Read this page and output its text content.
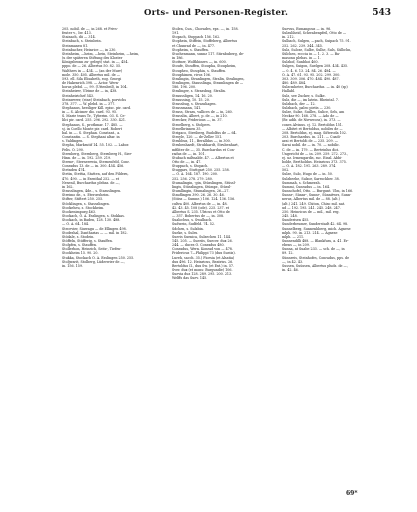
Orts- und Personen-Register.	543

205. nobil. de —, in 268. et Frivs-

feuter v., 5w. 413.

Stainach, dü — 314.

Steinbach, s. Steinbein.

Steinmaneu 81.

Steinbacher, Heinrice —, in 230.

Steinheim, —heim, —hein, Steinheim, —heim,

(u der späteren Stiftung des Kloster

Königsbronn zu- gelegt) stat. in —, 454.

pppo. de — 26. Albertus 50. 82. 55.

Walthers in — 434. — (an der Murr)

mole. 350. 405. Albertus mil. de —

593. ell. Sila Elisabeth, eog. Georgi

de Hakenrich 398. — Actor. Wern-

horus plebd. —, 99. (Uttenbeil), in 104.

Steinheirer, Ulrime de — in, 438.

Steinheirichef 543.

Steinwerer, (eine) Steinbach, porvichs

378. 377. — W. plebd. in — 377.

Stephanus, heeiliger Kill. episc. pir. card.

in — S. Alcimer dio. card. 93. 95.

S. Marie trans Tr., Tyberim. 03. S. Ce-

lilci pir. card. 255. 296. 292. 330. 421.

Stephanus, S., prothmar. 17. 485. —

sj. in Coello Monte pir. card. Robert

bal. in —. S. Stephan. Constant., a.

Constantin. — S. Stephani altar. in

s. Valdingen.

Stepha, Marksutif 14. 55. 102. — Labor.

Felis. O. 290.

Sternberg, Sternberg, Sternberg H., Sier-

Hinn. de — in. 192. 259. 219.

Sterne-, Sterneerwia, Sternenfeld, Conr.

Conradus 13. de — in. 300. 454. 456.

Stetnden 474.

Stetin, Stettia, Statten, auf den Fildern,

470. 490. — in Esenthal 252. — et

Nesenil, Burchardus plebas. de —,

in 162.

Strasslingen, 4de.., s. Stassslingen.

Streimo de., s. Eteroesheim.

Stifter, Stiftert 250. 255.

Stöcklingen, s. Stassslingen.

Stockeheu, s. Stockheim.

Stockenimpurg 463.

Stockach, O. A. Esslingen, s. Stokkas.

Stockach, in Baden, 128. 130. 488.

— O. A. 64. 184.

Stecevier, Siuwagu — de Ellingen 498.

Stodeshal, Dantharias — — mil. in 182.

Stödale, s. Stodein.

Stöffeln, Stüfferig, s. Stauffen.

Stolpfen, s. Stauffen.

Stollerhon, Heinrich, Seitz-, Tiefen-

Stockheim 15. 90. 20.

Stukka, Stockach O. A. Esslingen 250. 255.

Stoljwarit, Stolberg, Lüderwier de —,

in. 156. 159.

Stolen, Cun., Chorades, eps. —, in. 158.

191.

Stopach, Stoppach 156. 162.

Stophein, Stiffein, Stoffeberg, Albertus

et Chunrad de —, in. 477.

Stopheim, s. Stauffen.

Stuchenmann, sunnz 117. Stirnbuberg, de-

in 186.

Stottner, Wolfhhiners —, in. 600.

Stoufe, Stouffen, Stoupha, Stoupheim,

Stoupheo, Stouphin, s. Stauffen.

Stouphimen, rivos 106.

Stralingin, Stranlingen, Stralin, Stralingen,

Stralingen, Stausslinga, Stramlingen de —

186. 196. 200.

Stralinger, s. Strassbug, Stralin.

Straussligen, 14. 16. 20.

Straussing, 10. 15. 20.

Strassbug, s. Strassliagen.

Strassmann, 141.

Strass, Strass, vallices de — in, 260.

Strasslin, Albert, p. de —, in 210.

Strecker, Friderious —, in. 37.

Stroelberg, s. Stolpers.

Stroelbrinnen 35.

Strigaco, Streiberg, Budolfus de — 64.

Stroyle, 120. — de-Zeller 151.

Strubbus, 11., Beralldus —, in 300.

Strubenhardt, Strubhardt, Strubenhart,

mfiliter de —, 35. Burchardus et Con-

radus de —, in. 101.

Stubach miltnalde. 47. — Albertus et

Otto de —, in. 47.

Stuppach, s. Stopach.

Stuggars, Stuttgart 250. 255. 258.

— O. A. 164. 187. 190. 200.

252. 256. 278. 279. 280.

Stumalingin, -gin, Stüsslingen, Stüssl-

lingis, Stüsslingen, Stümpr., Stüssl-

Stumllingin, Stumalingen, 26—27.

Stauflingen 390. 26. 26. 30. 46.

(Stüss — Sumne.) 106. 124. 136. 156.

cultra 400. Albertus de —, in. 48.

42. 43. 45. 108 (ode). 225. 237. et

Albertus S. 235. Ulricus et Otto de

— 357. Bobertus de —, in. 308.

Sualocbus, s. Swalbach.

Sudwein, Sudfeld. 74. 52.

Sdchen, s. Sulzbin.

Sueke, s. Sules.

Sueris Suenica, Sulzechen 11. 144.

145. 205. — Sueriis, Suecer. dux 26.

244. — duces O. Conradus 480.

Conradus, Wern. Konrad von — 478.

Fridericus 7—Philippi 73 (dux Sueiis).

Lureh, sacch. 35.) Fiorsia (et Alsatia)

dux 496. 12. Heinricus, Beatriss. 26.

Bertoldus II., dux Sw. (et Ext.) in. 57.

Sver. dux (et mons: Burgundie) 106.

Suevia duz 128. 289. 295. 200. 213.

Welffs das Suev. 145.

Suevus, Esmangous — in. 96.

Sulzuliheid, Schwabenpfeil, Otto de —

in. 212.

Sulbach, Sulgen, —pach, Suipach 75. 91.

252. 262. 239. 344. 345.

Sulz, Sulcze, Sulbe, Sulhe, Suls, Sülbchn,

Sülchen, ecccia in — 1. 2. 3. — Ba-

masonu plebas. in — 1.

Sulzhof, Sunbhoi 460.

Sulgen, Suigon, Suelgen 208. 434. 435.

— 0. 4. 6. 13. 24. 84. 26. 484. —

O. A. 47. 61. 93. 95. 202. 299. 300.

303. 309. 306. 470. 484. 490. 487.

480. 489. 484.

Sulzcmheter, Burchardus. — in. 40 (sp)

Hallabl.

Sulz, see Zucker, s. Sulke.

Sulz, die —, im latein. Rheintal. 7.

Sulzbach, der — 12.

Sulzbach, paleo pietis — 230.

Sulze, Sulze, Suilles, Sulice, Sels, am

Neckar 90. 168. 278. — Ado de —

(Br. adib. de Niewwoss), in. 373. —

cones Alvinus. cj. 12. Bertoldus 151.

— Albitet et Bertoldus, nobiles de —

208. Bertoldus, ej. mag. Sifteroda 102.

203. Burchardus. in. 211. — Coadi-

arai et Bertoldi de — 235. 209. —

Sarai nobil. de — in. 70. — nobilic.

C. de — in. 179. — Berteinlus dici.

Ungericht de — in. 209. 259. 272. 273.,

ej. uz. Irmengardis, ssc. Einzl. Abbi-

bolde, Bertholdus. Heinricus 373. 375.

— O. A. 182. 191. 263. 289. 374.

502.

Sulze, Sulo, Hugo de — in. 50.

Sulzbeehe, Sulzor, Sarrochber. 38.

Summah, s. Schmerah.

Summi, Cunradus — in. 164.

Sunnchofel, Otto. — Burgunt. Ulm, in 166.

Sunnr-, Sünnr-, Sunnr-, Sünnitwrs, Sunn-

nerus, Albertus mil. de — 88. (alt.)

(alt.) 241. 249. Chiton, Chiso mil. nat.

ud — 192. 195. 241. 245. 248. 247.

250. Heinricus de — mil., mil. reg.

245. 248.

Sunderisen 455.

Sunderbeumer, Sunderstadt 42. 64. 98.

Sunnelberg, Sunnenhberg, mich. Agnese

mlph. 90. in. 213. 214. — Agnese

mlph. — 211.

Sunnendilli 488. — Blankfuss, a. 41. Er-

ebens —, in 209.

Sunna, at Suabe 233. — sch. de —, in

89. 12.

Sünnreis, Steinhofes, Conradus, pps. de

—, in 42. 43.

Sussen, Suüssen, Albertus pluds. de —,

in. 42. 46.

69*
